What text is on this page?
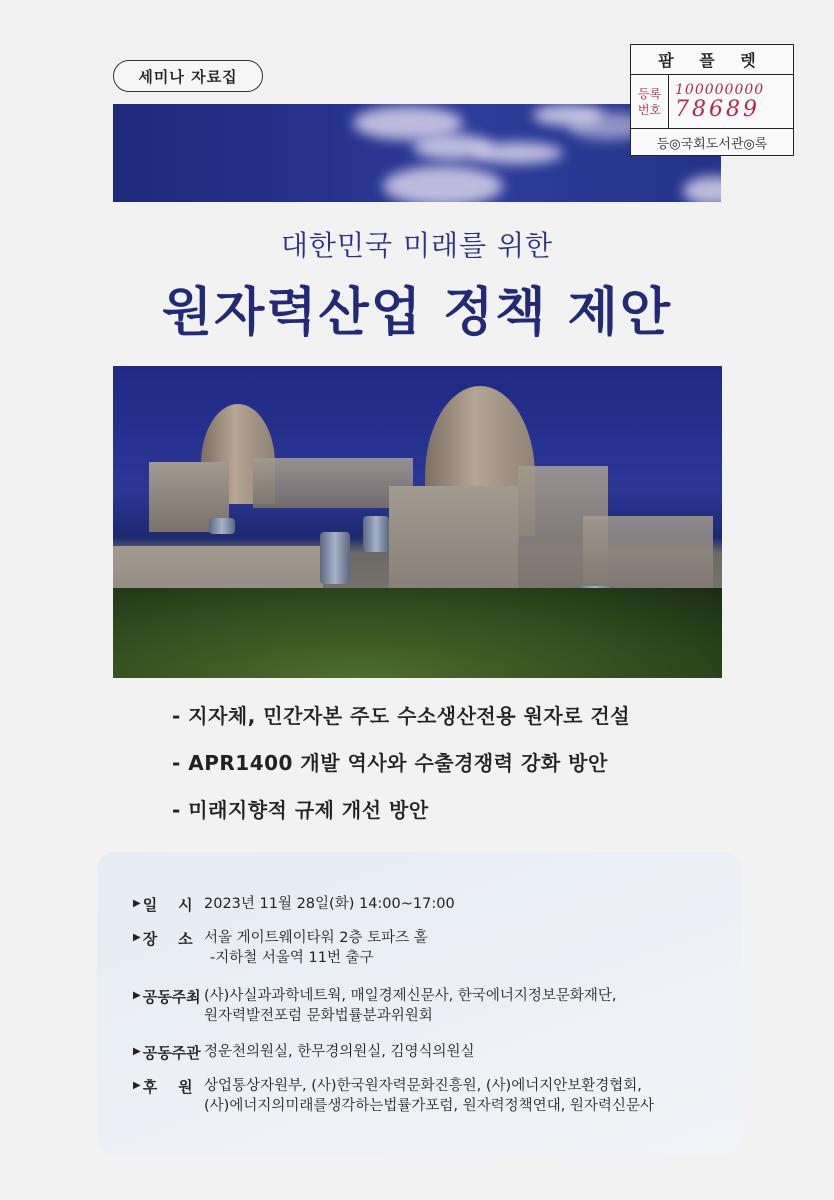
세미나 자료집
팜 플 렛
등록
번호
100000000
78689
등◎국회도서관◎록
대한민국 미래를 위한
원자력산업 정책 제안
- 지자체, 민간자본 주도 수소생산전용 원자로 건설
- APR1400 개발 역사와 수출경쟁력 강화 방안
- 미래지향적 규제 개선 방안
▶ 일    시 2023년 11월 28일(화) 14:00~17:00
▶ 장    소 서울 게이트웨이타워 2층 토파즈 홀
-지하철 서울역 11번 출구
▶ 공동주최 (사)사실과과학네트웍, 매일경제신문사, 한국에너지정보문화재단,
원자력발전포럼 문화법률분과위원회
▶ 공동주관 정운천의원실, 한무경의원실, 김영식의원실
▶ 후    원 상업통상자원부, (사)한국원자력문화진흥원, (사)에너지안보환경협회,
(사)에너지의미래를생각하는법률가포럼, 원자력정책연대, 원자력신문사
